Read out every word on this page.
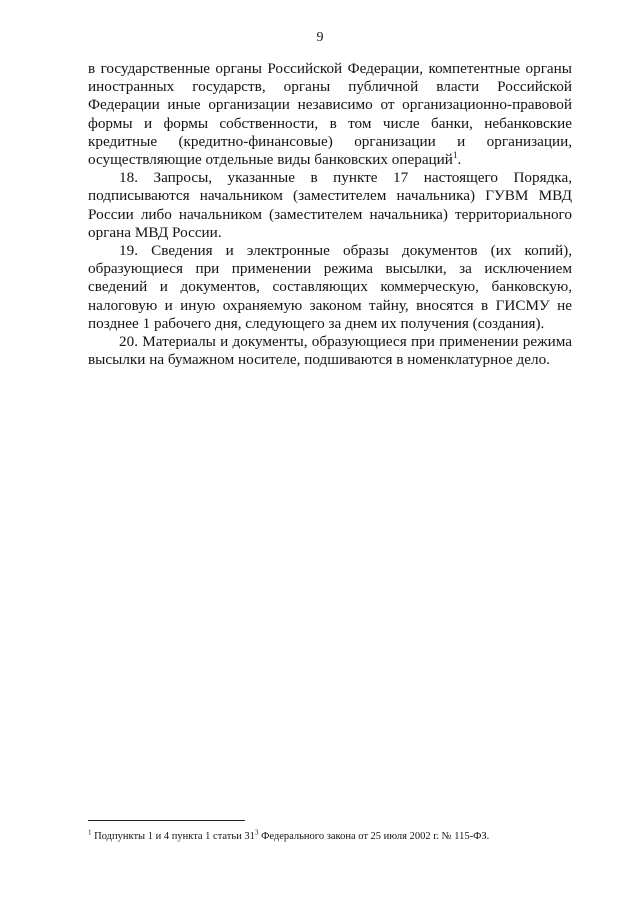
9

в государственные органы Российской Федерации, компетентные органы иностранных государств, органы публичной власти Российской Федерации иные организации независимо от организационно-правовой формы и формы собственности, в том числе банки, небанковские кредитные (кредитно-финансовые) организации и организации, осуществляющие отдельные виды банковских операций$^1$.

18. Запросы, указанные в пункте 17 настоящего Порядка, подписываются начальником (заместителем начальника) ГУВМ МВД России либо начальником (заместителем начальника) территориального органа МВД России.

19. Сведения и электронные образы документов (их копий), образующиеся при применении режима высылки, за исключением сведений и документов, составляющих коммерческую, банковскую, налоговую и иную охраняемую законом тайну, вносятся в ГИСМУ не позднее 1 рабочего дня, следующего за днем их получения (создания).

20. Материалы и документы, образующиеся при применении режима высылки на бумажном носителе, подшиваются в номенклатурное дело.

$^1$ Подпункты 1 и 4 пункта 1 статьи 31$^3$ Федерального закона от 25 июля 2002 г. № 115-ФЗ.
